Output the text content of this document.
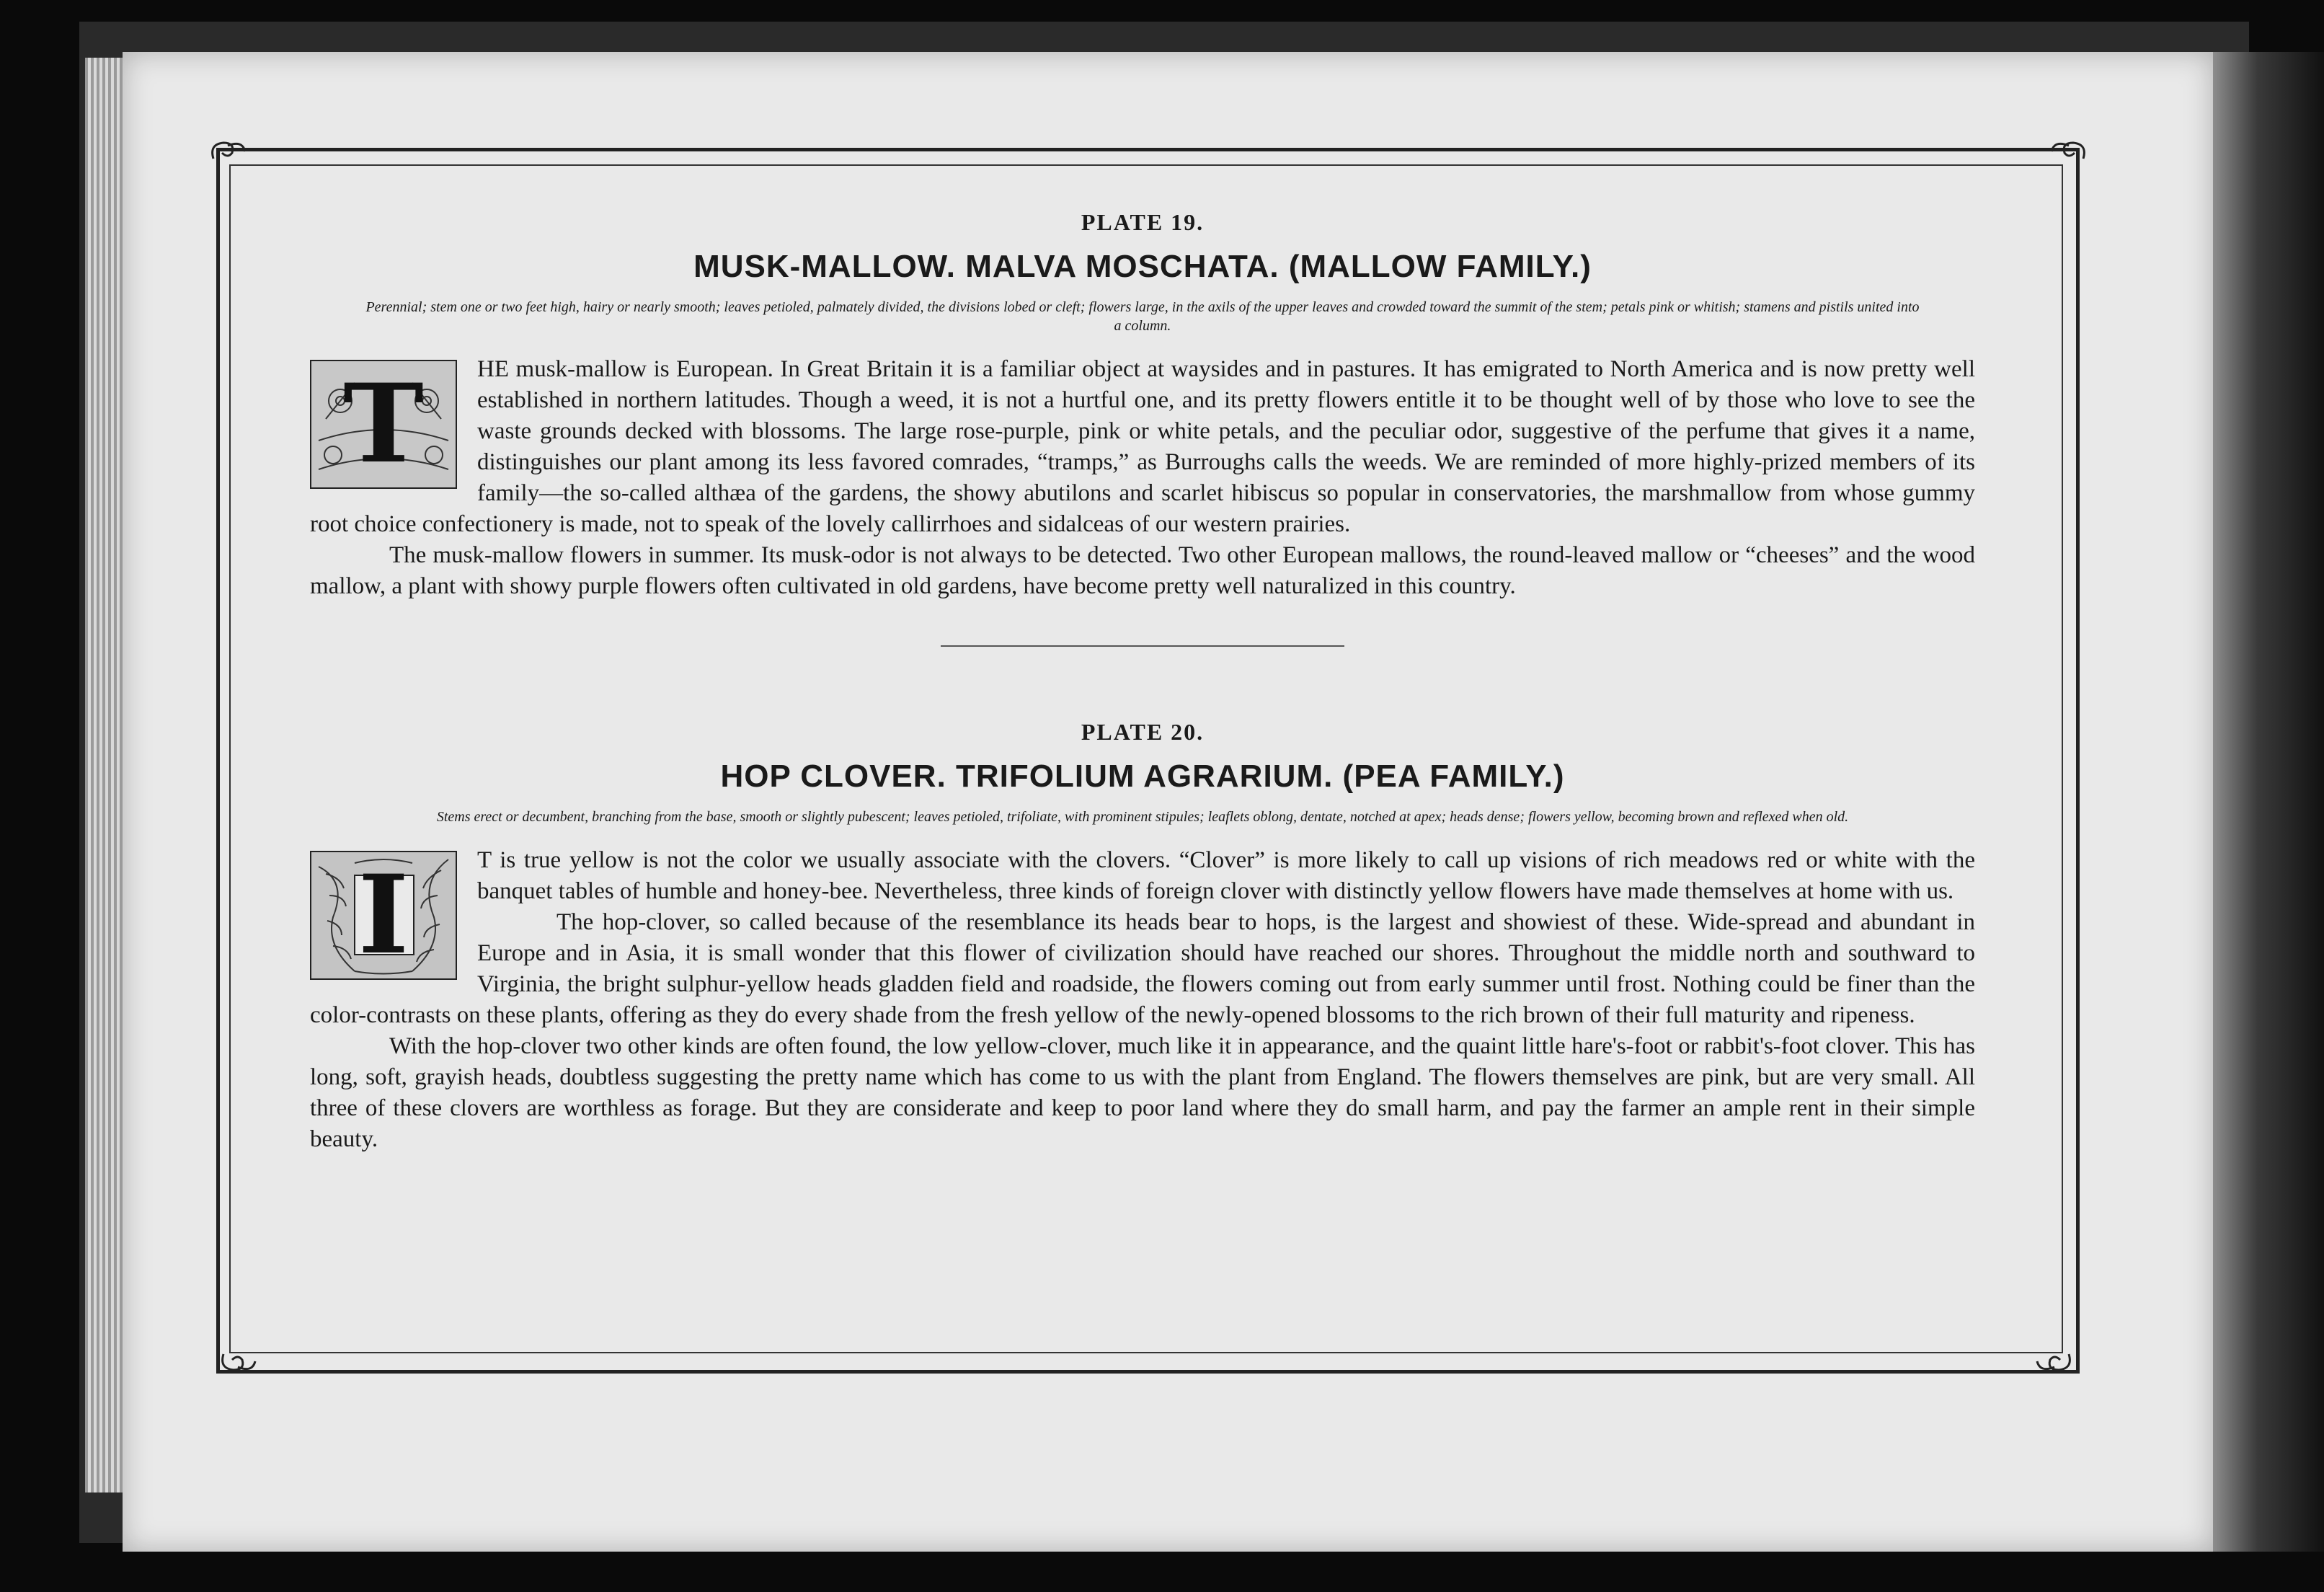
PLATE 19.
MUSK-MALLOW. MALVA MOSCHATA. (MALLOW FAMILY.)
Perennial; stem one or two feet high, hairy or nearly smooth; leaves petioled, palmately divided, the divisions lobed or cleft; flowers large, in the axils of the upper leaves and crowded toward the summit of the stem; petals pink or whitish; stamens and pistils united into a column.
T	HE musk-mallow is European. In Great Britain it is a familiar object at waysides and in pastures. It has emigrated to North America and is now pretty well established in northern latitudes. Though a weed, it is not a hurtful one, and its pretty flowers entitle it to be thought well of by those who love to see the waste grounds decked with blossoms. The large rose-purple, pink or white petals, and the peculiar odor, suggestive of the perfume that gives it a name, distinguishes our plant among its less favored comrades, “tramps,” as Burroughs calls the weeds. We are reminded of more highly-prized members of its family—the so-called althæa of the gardens, the showy abutilons and scarlet hibiscus so popular in conservatories, the marshmallow from whose gummy root choice confectionery is made, not to speak of the lovely callirrhoes and sidalceas of our western prairies.

The musk-mallow flowers in summer. Its musk-odor is not always to be detected. Two other European mallows, the round-leaved mallow or “cheeses” and the wood mallow, a plant with showy purple flowers often cultivated in old gardens, have become pretty well naturalized in this country.

PLATE 20.
HOP CLOVER. TRIFOLIUM AGRARIUM. (PEA FAMILY.)
Stems erect or decumbent, branching from the base, smooth or slightly pubescent; leaves petioled, trifoliate, with prominent stipules; leaflets oblong, dentate, notched at apex; heads dense; flowers yellow, becoming brown and reflexed when old.
I	T is true yellow is not the color we usually associate with the clovers. “Clover” is more likely to call up visions of rich meadows red or white with the banquet tables of humble and honey-bee. Nevertheless, three kinds of foreign clover with distinctly yellow flowers have made themselves at home with us.

The hop-clover, so called because of the resemblance its heads bear to hops, is the largest and showiest of these. Wide-spread and abundant in Europe and in Asia, it is small wonder that this flower of civilization should have reached our shores. Throughout the middle north and southward to Virginia, the bright sulphur-yellow heads gladden field and roadside, the flowers coming out from early summer until frost. Nothing could be finer than the color-contrasts on these plants, offering as they do every shade from the fresh yellow of the newly-opened blossoms to the rich brown of their full maturity and ripeness.

With the hop-clover two other kinds are often found, the low yellow-clover, much like it in appearance, and the quaint little hare's-foot or rabbit's-foot clover. This has long, soft, grayish heads, doubtless suggesting the pretty name which has come to us with the plant from England. The flowers themselves are pink, but are very small. All three of these clovers are worthless as forage. But they are considerate and keep to poor land where they do small harm, and pay the farmer an ample rent in their simple beauty.
